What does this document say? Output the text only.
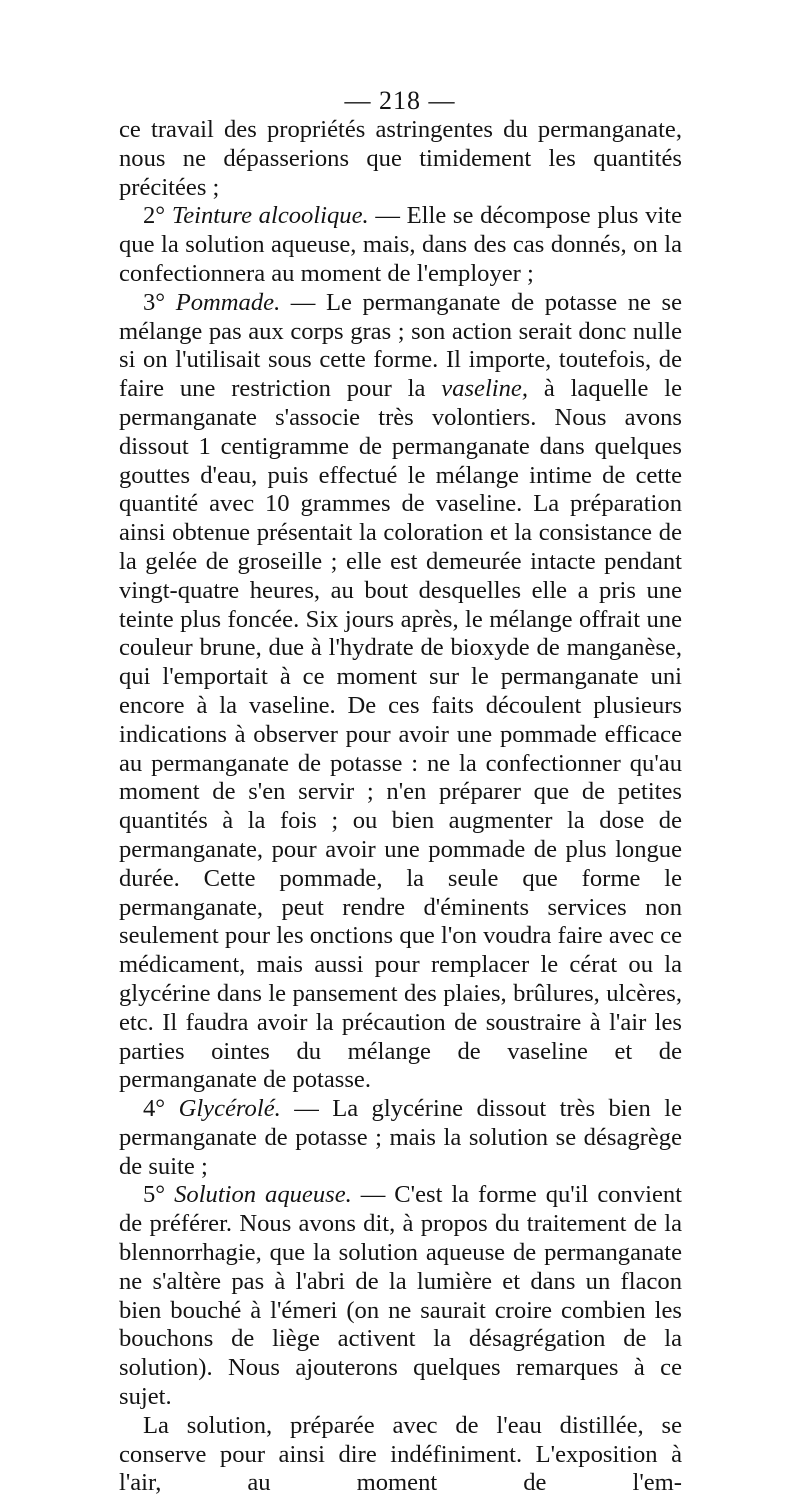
— 218 —

ce travail des propriétés astringentes du permanganate, nous ne dépasserions que timidement les quantités précitées ;

2° Teinture alcoolique. — Elle se décompose plus vite que la solution aqueuse, mais, dans des cas donnés, on la confectionnera au moment de l'employer ;

3° Pommade. — Le permanganate de potasse ne se mélange pas aux corps gras ; son action serait donc nulle si on l'utilisait sous cette forme. Il importe, toutefois, de faire une restriction pour la vaseline, à laquelle le permanganate s'associe très volontiers. Nous avons dissout 1 centigramme de permanganate dans quelques gouttes d'eau, puis effectué le mélange intime de cette quantité avec 10 grammes de vaseline. La préparation ainsi obtenue présentait la coloration et la consistance de la gelée de groseille ; elle est demeurée intacte pendant vingt-quatre heures, au bout desquelles elle a pris une teinte plus foncée. Six jours après, le mélange offrait une couleur brune, due à l'hydrate de bioxyde de manganèse, qui l'emportait à ce moment sur le permanganate uni encore à la vaseline. De ces faits découlent plusieurs indications à observer pour avoir une pommade efficace au permanganate de potasse : ne la confectionner qu'au moment de s'en servir ; n'en préparer que de petites quantités à la fois ; ou bien augmenter la dose de permanganate, pour avoir une pommade de plus longue durée. Cette pommade, la seule que forme le permanganate, peut rendre d'éminents services non seulement pour les onctions que l'on voudra faire avec ce médicament, mais aussi pour remplacer le cérat ou la glycérine dans le pansement des plaies, brûlures, ulcères, etc. Il faudra avoir la précaution de soustraire à l'air les parties ointes du mélange de vaseline et de permanganate de potasse.

4° Glycérolé. — La glycérine dissout très bien le permanganate de potasse ; mais la solution se désagrège de suite ;

5° Solution aqueuse. — C'est la forme qu'il convient de préférer. Nous avons dit, à propos du traitement de la blennorrhagie, que la solution aqueuse de permanganate ne s'altère pas à l'abri de la lumière et dans un flacon bien bouché à l'émeri (on ne saurait croire combien les bouchons de liège activent la désagrégation de la solution). Nous ajouterons quelques remarques à ce sujet.

La solution, préparée avec de l'eau distillée, se conserve pour ainsi dire indéfiniment. L'exposition à l'air, au moment de l'em-
